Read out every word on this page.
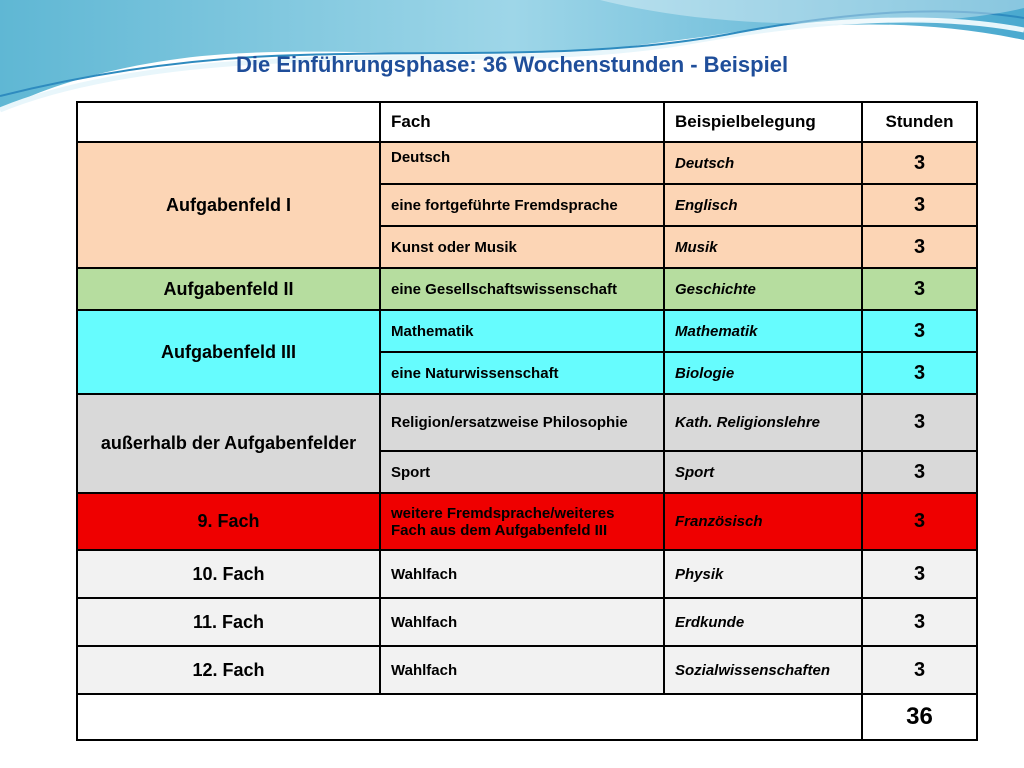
Die Einführungsphase: 36 Wochenstunden - Beispiel
	Fach	Beispielbelegung	Stunden
Aufgabenfeld I	Deutsch	Deutsch	3
	eine fortgeführte Fremdsprache	Englisch	3
	Kunst oder Musik	Musik	3
Aufgabenfeld II	eine Gesellschaftswissenschaft	Geschichte	3
Aufgabenfeld III	Mathematik	Mathematik	3
	eine Naturwissenschaft	Biologie	3
außerhalb der Aufgabenfelder	Religion/ersatzweise Philosophie	Kath. Religionslehre	3
	Sport	Sport	3
9. Fach	weitere Fremdsprache/weiteres Fach aus dem Aufgabenfeld III	Französisch	3
10. Fach	Wahlfach	Physik	3
11. Fach	Wahlfach	Erdkunde	3
12. Fach	Wahlfach	Sozialwissenschaften	3
			36
